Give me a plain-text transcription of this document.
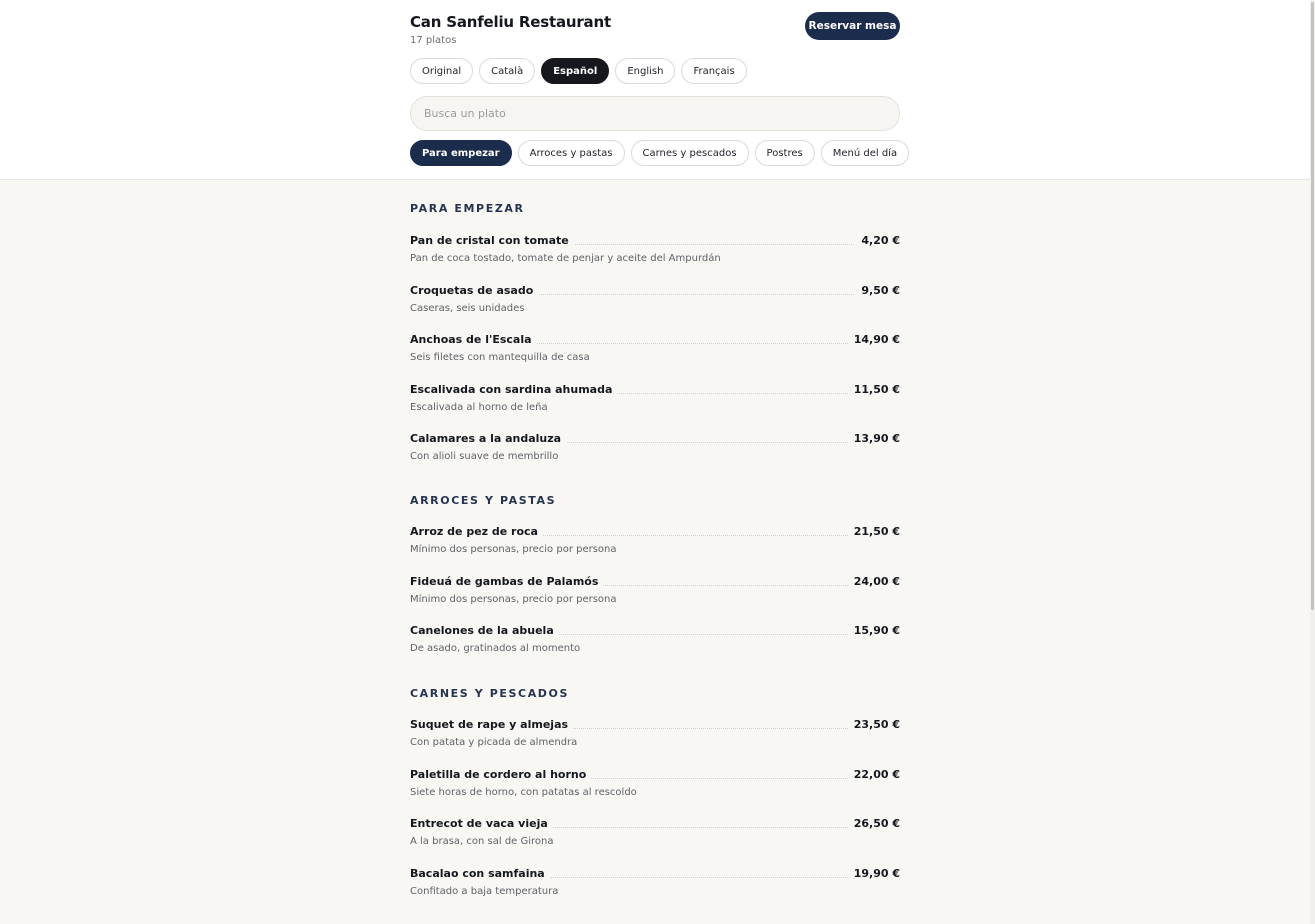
Can Sanfeliu Restaurant
17 platos
Reservar mesa
Original	Català	Español	English	Français
Busca un plato
Para empezar	Arroces y pastas	Carnes y pescados	Postres	Menú del día
PARA EMPEZAR
Pan de cristal con tomate	4,20 €
Pan de coca tostado, tomate de penjar y aceite del Ampurdán
Croquetas de asado	9,50 €
Caseras, seis unidades
Anchoas de l'Escala	14,90 €
Seis filetes con mantequilla de casa
Escalivada con sardina ahumada	11,50 €
Escalivada al horno de leña
Calamares a la andaluza	13,90 €
Con alioli suave de membrillo
ARROCES Y PASTAS
Arroz de pez de roca	21,50 €
Mínimo dos personas, precio por persona
Fideuá de gambas de Palamós	24,00 €
Mínimo dos personas, precio por persona
Canelones de la abuela	15,90 €
De asado, gratinados al momento
CARNES Y PESCADOS
Suquet de rape y almejas	23,50 €
Con patata y picada de almendra
Paletilla de cordero al horno	22,00 €
Siete horas de horno, con patatas al rescoldo
Entrecot de vaca vieja	26,50 €
A la brasa, con sal de Girona
Bacalao con samfaina	19,90 €
Confitado a baja temperatura
